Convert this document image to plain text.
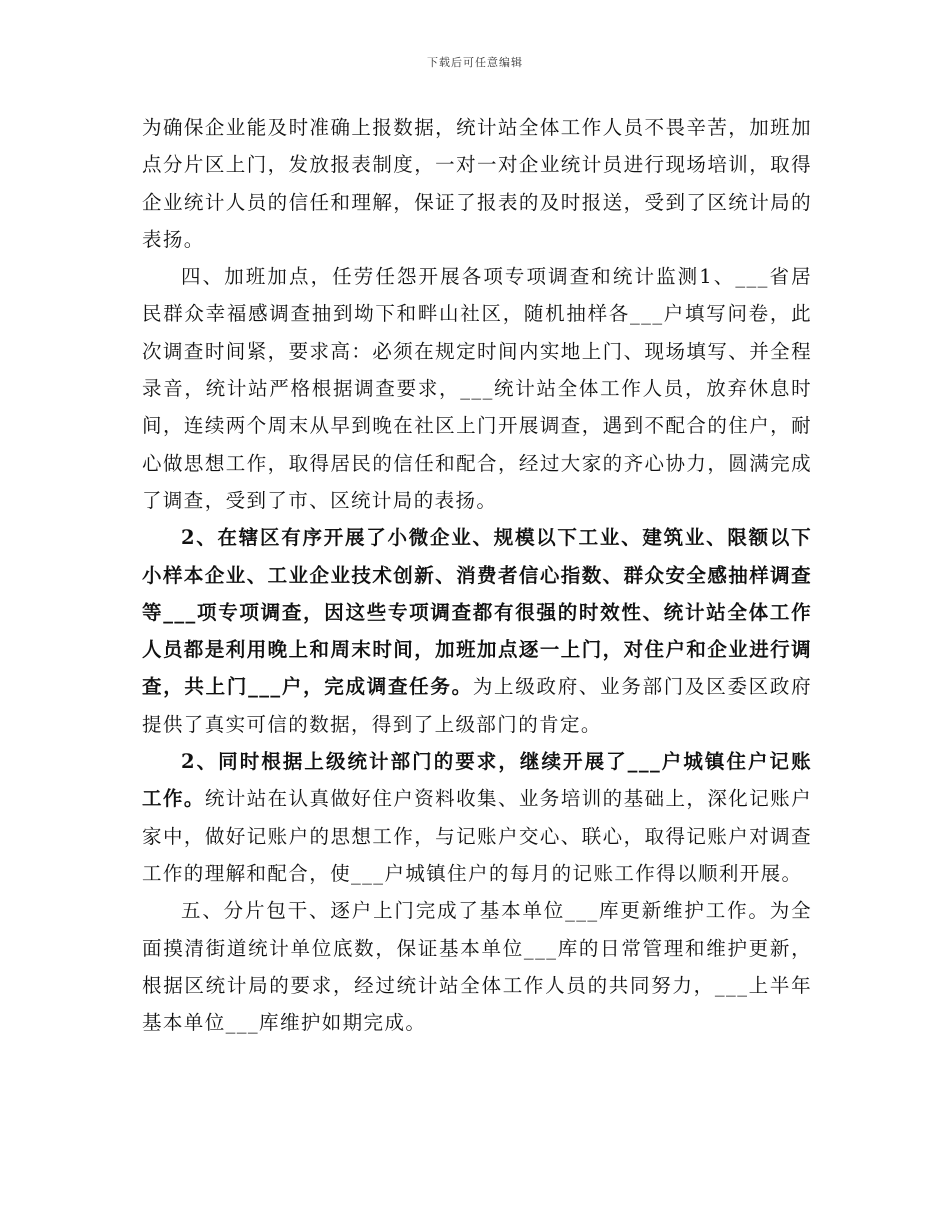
下载后可任意编辑

为确保企业能及时准确上报数据，统计站全体工作人员不畏辛苦，加班加点分片区上门，发放报表制度，一对一对企业统计员进行现场培训，取得企业统计人员的信任和理解，保证了报表的及时报送，受到了区统计局的表扬。

四、加班加点，任劳任怨开展各项专项调查和统计监测1、___省居民群众幸福感调查抽到坳下和畔山社区，随机抽样各___户填写问卷，此次调查时间紧，要求高：必须在规定时间内实地上门、现场填写、并全程录音，统计站严格根据调查要求，___统计站全体工作人员，放弃休息时间，连续两个周末从早到晚在社区上门开展调查，遇到不配合的住户，耐心做思想工作，取得居民的信任和配合，经过大家的齐心协力，圆满完成了调查，受到了市、区统计局的表扬。

2、在辖区有序开展了小微企业、规模以下工业、建筑业、限额以下小样本企业、工业企业技术创新、消费者信心指数、群众安全感抽样调查等___项专项调查，因这些专项调查都有很强的时效性、统计站全体工作人员都是利用晚上和周末时间，加班加点逐一上门，对住户和企业进行调查，共上门___户，完成调查任务。为上级政府、业务部门及区委区政府提供了真实可信的数据，得到了上级部门的肯定。

2、同时根据上级统计部门的要求，继续开展了___户城镇住户记账工作。统计站在认真做好住户资料收集、业务培训的基础上，深化记账户家中，做好记账户的思想工作，与记账户交心、联心，取得记账户对调查工作的理解和配合，使___户城镇住户的每月的记账工作得以顺利开展。

五、分片包干、逐户上门完成了基本单位___库更新维护工作。为全面摸清街道统计单位底数，保证基本单位___库的日常管理和维护更新，根据区统计局的要求，经过统计站全体工作人员的共同努力，___上半年基本单位___库维护如期完成。
